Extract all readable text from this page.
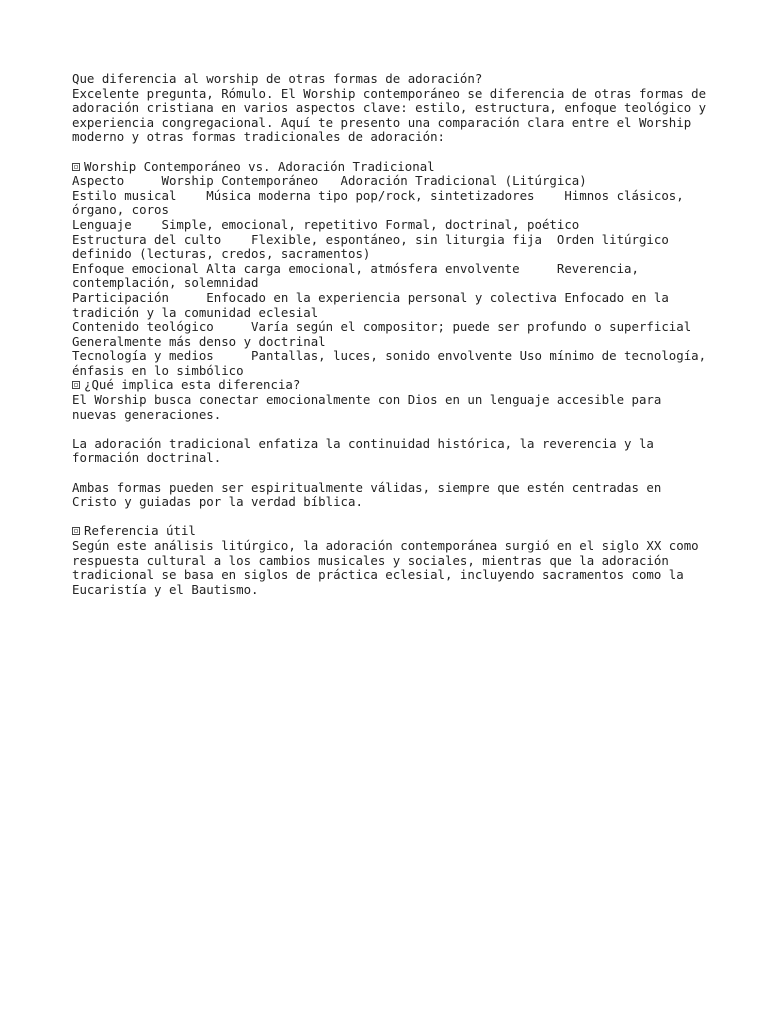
Que diferencia al worship de otras formas de adoración?
Excelente pregunta, Rómulo. El Worship contemporáneo se diferencia de otras formas de adoración cristiana en varios aspectos clave: estilo, estructura, enfoque teológico y experiencia congregacional. Aquí te presento una comparación clara entre el Worship moderno y otras formas tradicionales de adoración:
Worship Contemporáneo vs. Adoración Tradicional
Aspecto     Worship Contemporáneo   Adoración Tradicional (Litúrgica)
Estilo musical    Música moderna tipo pop/rock, sintetizadores    Himnos clásicos, órgano, coros
Lenguaje    Simple, emocional, repetitivo Formal, doctrinal, poético
Estructura del culto    Flexible, espontáneo, sin liturgia fija  Orden litúrgico definido (lecturas, credos, sacramentos)
Enfoque emocional Alta carga emocional, atmósfera envolvente     Reverencia, contemplación, solemnidad
Participación     Enfocado en la experiencia personal y colectiva Enfocado en la tradición y la comunidad eclesial
Contenido teológico     Varía según el compositor; puede ser profundo o superficial      Generalmente más denso y doctrinal
Tecnología y medios     Pantallas, luces, sonido envolvente Uso mínimo de tecnología, énfasis en lo simbólico
¿Qué implica esta diferencia?
El Worship busca conectar emocionalmente con Dios en un lenguaje accesible para nuevas generaciones.
La adoración tradicional enfatiza la continuidad histórica, la reverencia y la formación doctrinal.
Ambas formas pueden ser espiritualmente válidas, siempre que estén centradas en Cristo y guiadas por la verdad bíblica.
Referencia útil
Según este análisis litúrgico, la adoración contemporánea surgió en el siglo XX como respuesta cultural a los cambios musicales y sociales, mientras que la adoración tradicional se basa en siglos de práctica eclesial, incluyendo sacramentos como la Eucaristía y el Bautismo.
